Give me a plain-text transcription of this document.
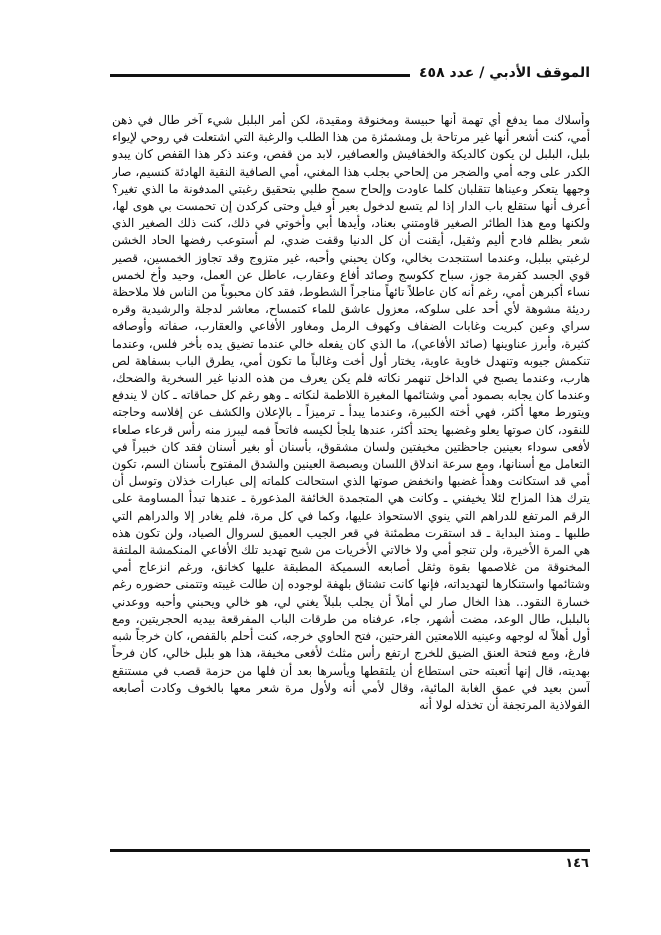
الموقف الأدبي / عدد ٤٥٨

وأسلاك مما يدفع أي تهمة أنها حبيسة ومخنوقة ومقيدة، لكن أمر البلبل شيء آخر طال في ذهن أمي، كنت أشعر أنها غير مرتاحة بل ومشمئزة من هذا الطلب والرغبة التي اشتعلت في روحي لإيواء بلبل، البلبل لن يكون كالديكة والخفافيش والعصافير، لابد من قفص، وعند ذكر هذا القفص كان يبدو الكدر على وجه أمي والضجر من إلحاحي بجلب هذا المغني، أمي الصافية النقية الهادئة كنسيم، صار وجهها يتعكر وعيناها تتقلبان كلما عاودت وإلحاح سمح طلبي بتحقيق رغبتي المدفونة ما الذي تغير؟ أعرف أنها ستقلع باب الدار إذا لم يتسع لدخول بعير أو فيل وحتى كركدن إن تحمست بي هوى لها، ولكنها ومع هذا الطائر الصغير قاومتني بعناد، وأيدها أبي وأخوتي في ذلك، كنت ذلك الصغير الذي شعر بظلم فادح أليم وثقيل، أيقنت أن كل الدنيا وقفت ضدي، لم أستوعب رفضها الحاد الخشن لرغبتي ببلبل، وعندما استنجدت بخالي، وكان يحبني وأحبه، غير متزوج وقد تجاوز الخمسين، قصير قوي الجسد كقرمة جوز، سباح ككوسج وصائد أفاع وعقارب، عاطل عن العمل، وحيد وأخ لخمس نساء أكبرهن أمي، رغم أنه كان عاطلاً تائهاً مناجراً الشطوط، فقد كان محبوباً من الناس فلا ملاحظة رديئة مشوهة لأي أحد على سلوكه، معزول عاشق للماء كتمساح، معاشر لدجلة والرشيدية وقره سراي وعين كبريت وغابات الضفاف وكهوف الرمل ومغاور الأفاعي والعقارب، صفاته وأوصافه كثيرة، وأبرز عناوينها (صائد الأفاعي)، ما الذي كان يفعله خالي عندما تضيق يده بأخر فلس، وعندما تنكمش جيوبه وتنهدل خاوية عاوية، يختار أول أخت وغالباً ما تكون أمي، يطرق الباب بسفاهة لص هارب، وعندما يصبح في الداخل تنهمر نكاته فلم يكن يعرف من هذه الدنيا غير السخرية والضحك، وعندما كان يجابه بصمود أمي وشتائمها المغيرة اللاطمة لنكاته ـ وهو رغم كل حماقاته ـ كان لا يندفع ويتورط معها أكثر، فهي أخته الكبيرة، وعندما يبدأ ـ ترميزاً ـ بالإعلان والكشف عن إفلاسه وحاجته للنقود، كان صوتها يعلو وغضبها يحتد أكثر، عندها يلجأ لكيسه فاتحاً فمه ليبرز منه رأس قرعاء صلعاء لأفعى سوداء بعينين جاحظتين مخيفتين ولسان مشقوق، بأسنان أو بغير أسنان فقد كان خبيراً في التعامل مع أسنانها، ومع سرعة اندلاق اللسان وبصبصة العينين والشدق المفتوح بأسنان السم، تكون أمي قد استكانت وهدأ غضبها وانخفض صوتها الذي استحالت كلماته إلى عبارات خذلان وتوسل أن يترك هذا المزاح لئلا يخيفني ـ وكانت هي المتجمدة الخائفة المذعورة ـ عندها تبدأ المساومة على الرقم المرتفع للدراهم التي ينوي الاستحواذ عليها، وكما في كل مرة، فلم يغادر إلا والدراهم التي طلبها ـ ومنذ البداية ـ قد استقرت مطمئنة في قعر الجيب العميق لسروال الصياد، ولن تكون هذه هي المرة الأخيرة، ولن تنجو أمي ولا خالاتي الأخريات من شبح تهديد تلك الأفاعي المنكمشة الملتفة المخنوقة من غلاصمها بقوة وثقل أصابعه السميكة المطبقة عليها كخانق، ورغم انزعاج أمي وشتائمها واستنكارها لتهديداته، فإنها كانت تشتاق بلهفة لوجوده إن طالت غيبته وتتمنى حضوره رغم خسارة النقود.. هذا الخال صار لي أملاً أن يجلب بلبلاً يغني لي، هو خالي ويحبني وأحبه ووعدني بالبلبل، طال الوعد، مضت أشهر، جاء، عرفناه من طرقات الباب المفرقعة بيديه الحجريتين، ومع أول أهلاً له لوجهه وعينيه اللامعتين الفرحتين، فتح الحاوي خرجه، كنت أحلم بالقفص، كان خرجاً شبه فارغ، ومع فتحة العنق الضيق للخرج ارتفع رأس مثلث لأفعى مخيفة، هذا هو بلبل خالي، كان فرحاً بهديته، قال إنها أتعبته حتى استطاع أن يلتقطها ويأسرها بعد أن فلها من حزمة قصب في مستنقع آسن بعيد في عمق الغابة المائية، وقال لأمي أنه ولأول مرة شعر معها بالخوف وكادت أصابعه الفولاذية المرتجفة أن تخذله لولا أنه

١٤٦
